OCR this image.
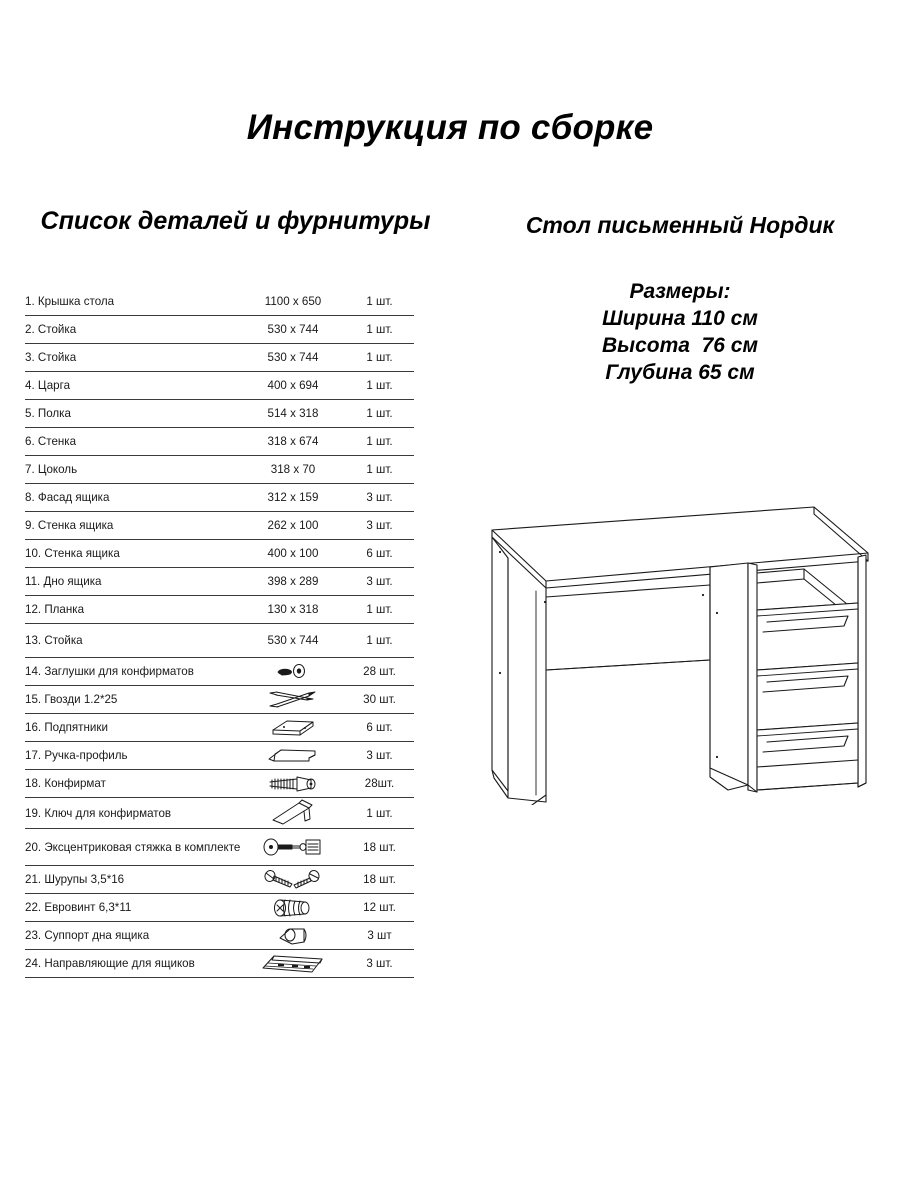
Инструкция по сборке
Список деталей и фурнитуры	Стол письменный Нордик
Размеры:
Ширина 110 см
Высота  76 см
Глубина 65 см
1. Крышка стола	1100 х 650	1 шт.
2. Стойка	530 х 744	1 шт.
3. Стойка	530 х 744	1 шт.
4. Царга	400 х 694	1 шт.
5. Полка	514 х 318	1 шт.
6. Стенка	318 х 674	1 шт.
7. Цоколь	318 х 70	1 шт.
8. Фасад ящика	312 х 159	3 шт.
9. Стенка ящика	262 х 100	3 шт.
10. Стенка ящика	400 х 100	6 шт.
11. Дно ящика	398 х 289	3 шт.
12. Планка	130 х 318	1 шт.
13. Стойка	530 х 744	1 шт.
14. Заглушки для конфирматов		28 шт.
15. Гвозди 1.2*25		30 шт.
16. Подпятники		6 шт.
17. Ручка-профиль		3 шт.
18. Конфирмат		28шт.
19. Ключ для конфирматов		1 шт.
20. Эксцентриковая стяжка в комплекте		18 шт.
21. Шурупы 3,5*16		18 шт.
22. Евровинт 6,3*11		12 шт.
23. Суппорт дна ящика		3 шт
24. Направляющие для ящиков		3 шт.
